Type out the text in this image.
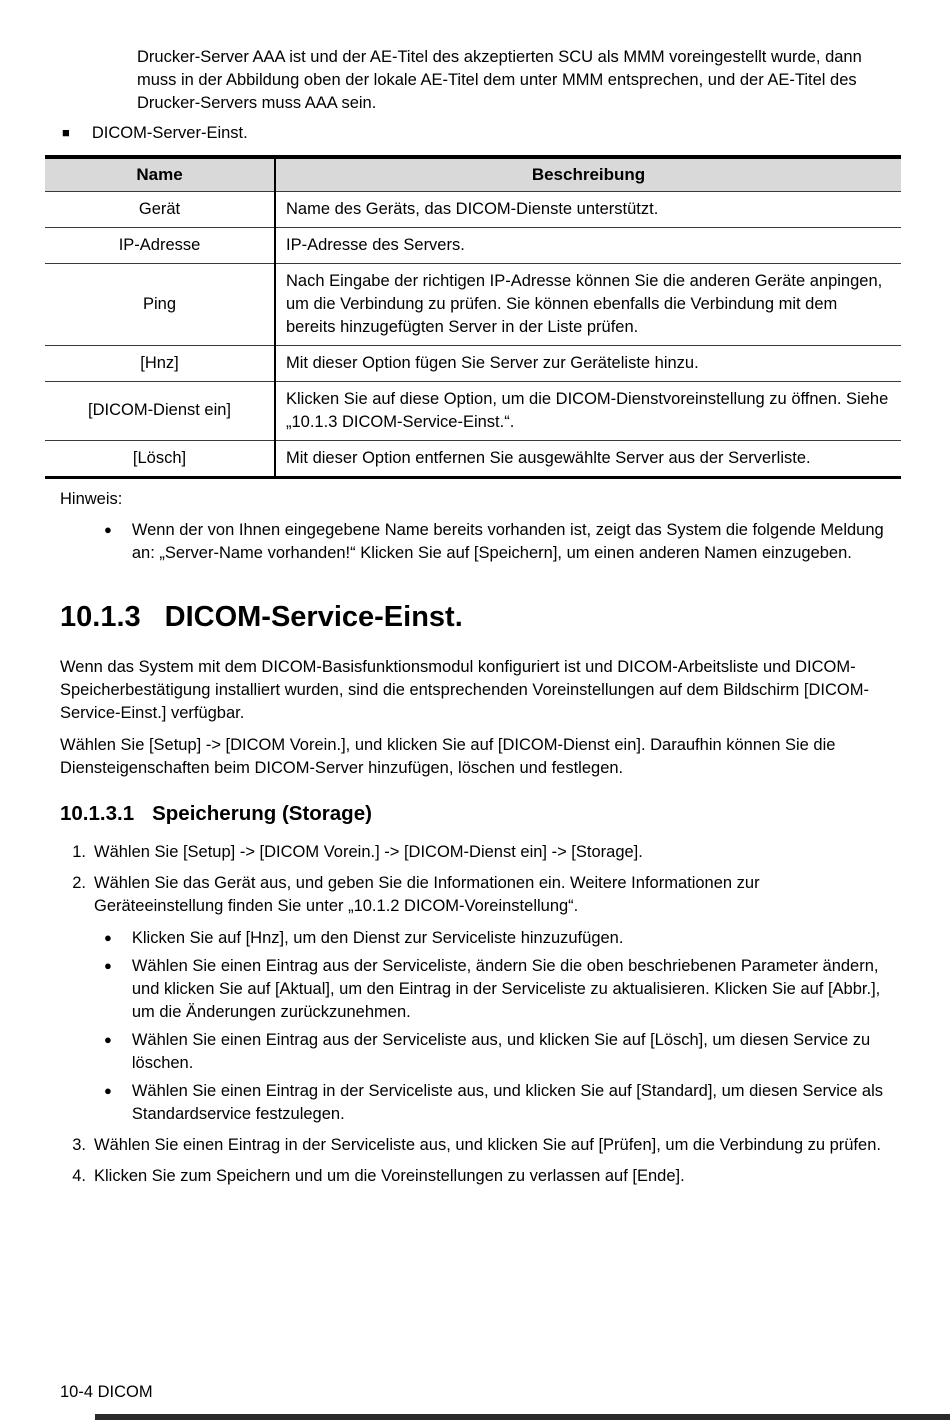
Drucker-Server AAA ist und der AE-Titel des akzeptierten SCU als MMM voreingestellt wurde, dann muss in der Abbildung oben der lokale AE-Titel dem unter MMM entsprechen, und der AE-Titel des Drucker-Servers muss AAA sein.

■ DICOM-Server-Einst.
Name	Beschreibung
Gerät	Name des Geräts, das DICOM-Dienste unterstützt.
IP-Adresse	IP-Adresse des Servers.
Ping	Nach Eingabe der richtigen IP-Adresse können Sie die anderen Geräte anpingen, um die Verbindung zu prüfen. Sie können ebenfalls die Verbindung mit dem bereits hinzugefügten Server in der Liste prüfen.
[Hnz]	Mit dieser Option fügen Sie Server zur Geräteliste hinzu.
[DICOM-Dienst ein]	Klicken Sie auf diese Option, um die DICOM-Dienstvoreinstellung zu öffnen. Siehe „10.1.3 DICOM-Service-Einst.“.
[Lösch]	Mit dieser Option entfernen Sie ausgewählte Server aus der Serverliste.

Hinweis:

● Wenn der von Ihnen eingegebene Name bereits vorhanden ist, zeigt das System die folgende Meldung an: „Server-Name vorhanden!“ Klicken Sie auf [Speichern], um einen anderen Namen einzugeben.
10.1.3 DICOM-Service-Einst.

Wenn das System mit dem DICOM-Basisfunktionsmodul konfiguriert ist und DICOM-Arbeitsliste und DICOM-Speicherbestätigung installiert wurden, sind die entsprechenden Voreinstellungen auf dem Bildschirm [DICOM-Service-Einst.] verfügbar.

Wählen Sie [Setup] -> [DICOM Vorein.], und klicken Sie auf [DICOM-Dienst ein]. Daraufhin können Sie die Diensteigenschaften beim DICOM-Server hinzufügen, löschen und festlegen.

10.1.3.1 Speicherung (Storage)
1. Wählen Sie [Setup] -> [DICOM Vorein.] -> [DICOM-Dienst ein] -> [Storage].
2. Wählen Sie das Gerät aus, und geben Sie die Informationen ein. Weitere Informationen zur Geräteeinstellung finden Sie unter „10.1.2 DICOM-Voreinstellung“.
● Klicken Sie auf [Hnz], um den Dienst zur Serviceliste hinzuzufügen.
● Wählen Sie einen Eintrag aus der Serviceliste, ändern Sie die oben beschriebenen Parameter ändern, und klicken Sie auf [Aktual], um den Eintrag in der Serviceliste zu aktualisieren. Klicken Sie auf [Abbr.], um die Änderungen zurückzunehmen.
● Wählen Sie einen Eintrag aus der Serviceliste aus, und klicken Sie auf [Lösch], um diesen Service zu löschen.
● Wählen Sie einen Eintrag in der Serviceliste aus, und klicken Sie auf [Standard], um diesen Service als Standardservice festzulegen.
3. Wählen Sie einen Eintrag in der Serviceliste aus, und klicken Sie auf [Prüfen], um die Verbindung zu prüfen.
4. Klicken Sie zum Speichern und um die Voreinstellungen zu verlassen auf [Ende].
10-4 DICOM
